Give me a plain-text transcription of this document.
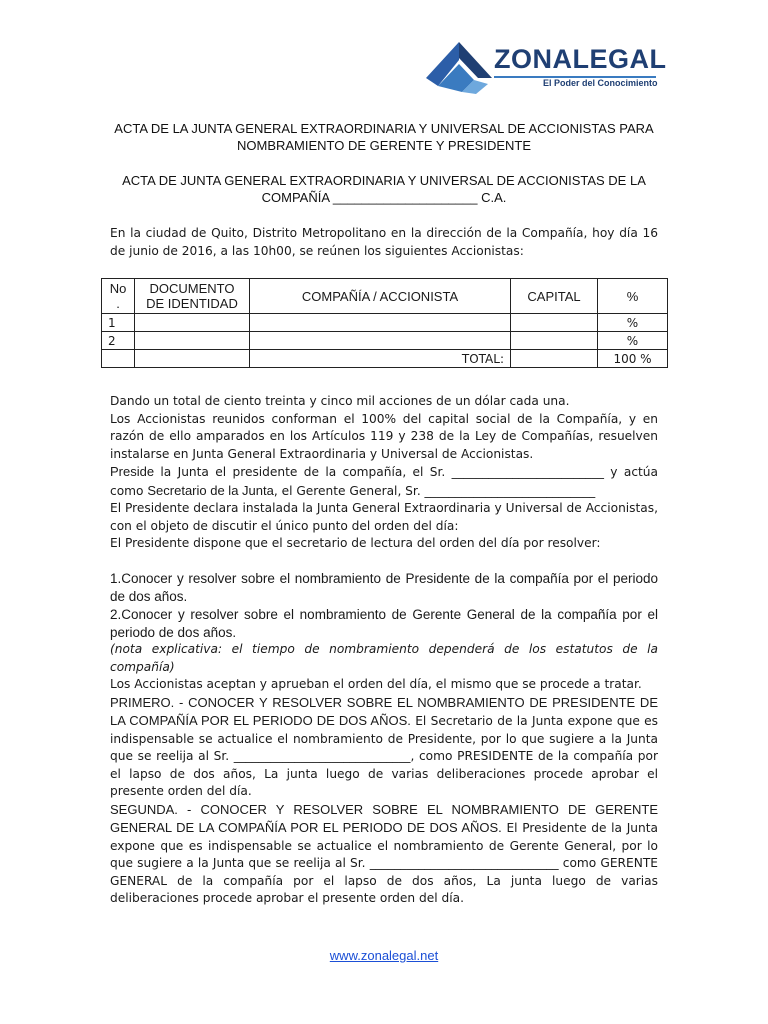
ZONALEGAL
El Poder del Conocimiento
ACTA DE LA JUNTA GENERAL EXTRAORDINARIA Y UNIVERSAL DE ACCIONISTAS PARA
NOMBRAMIENTO DE GERENTE Y PRESIDENTE
ACTA DE JUNTA GENERAL EXTRAORDINARIA Y UNIVERSAL DE ACCIONISTAS DE LA
COMPAÑÍA ____________________ C.A.

En la ciudad de Quito, Distrito Metropolitano en la dirección de la Compañía, hoy día 16 de junio de 2016, a las 10h00, se reúnen los siguientes Accionistas:

No .	DOCUMENTO DE IDENTIDAD	COMPAÑÍA / ACCIONISTA	CAPITAL	%
1				%
2				%
		TOTAL:		100 %

Dando un total de ciento treinta y cinco mil acciones de un dólar cada una.

Los Accionistas reunidos conforman el 100% del capital social de la Compañía, y en razón de ello amparados en los Artículos 119 y 238 de la Ley de Compañías, resuelven instalarse en Junta General Extraordinaria y Universal de Accionistas.

Preside la Junta el presidente de la compañía, el Sr. _________________________ y actúa como Secretario de la Junta, el Gerente General, Sr. ____________________________

El Presidente declara instalada la Junta General Extraordinaria y Universal de Accionistas, con el objeto de discutir el único punto del orden del día:

El Presidente dispone que el secretario de lectura del orden del día por resolver:

1.Conocer y resolver sobre el nombramiento de Presidente de la compañía por el periodo de dos años.
2.Conocer y resolver sobre el nombramiento de Gerente General de la compañía por el periodo de dos años.

(nota explicativa: el tiempo de nombramiento dependerá de los estatutos de la compañía)

Los Accionistas aceptan y aprueban el orden del día, el mismo que se procede a tratar.

PRIMERO. - CONOCER Y RESOLVER SOBRE EL NOMBRAMIENTO DE PRESIDENTE DE LA COMPAÑÍA POR EL PERIODO DE DOS AÑOS. El Secretario de la Junta expone que es indispensable se actualice el nombramiento de Presidente, por lo que sugiere a la Junta que se reelija al Sr. _____________________________, como PRESIDENTE de la compañía por el lapso de dos años, La junta luego de varias deliberaciones procede aprobar el presente orden del día.

SEGUNDA. - CONOCER Y RESOLVER SOBRE EL NOMBRAMIENTO DE GERENTE GENERAL DE LA COMPAÑÍA POR EL PERIODO DE DOS AÑOS. El Presidente de la Junta expone que es indispensable se actualice el nombramiento de Gerente General, por lo que sugiere a la Junta que se reelija al Sr. _______________________________ como GERENTE GENERAL de la compañía por el lapso de dos años, La junta luego de varias deliberaciones procede aprobar el presente orden del día.

www.zonalegal.net
